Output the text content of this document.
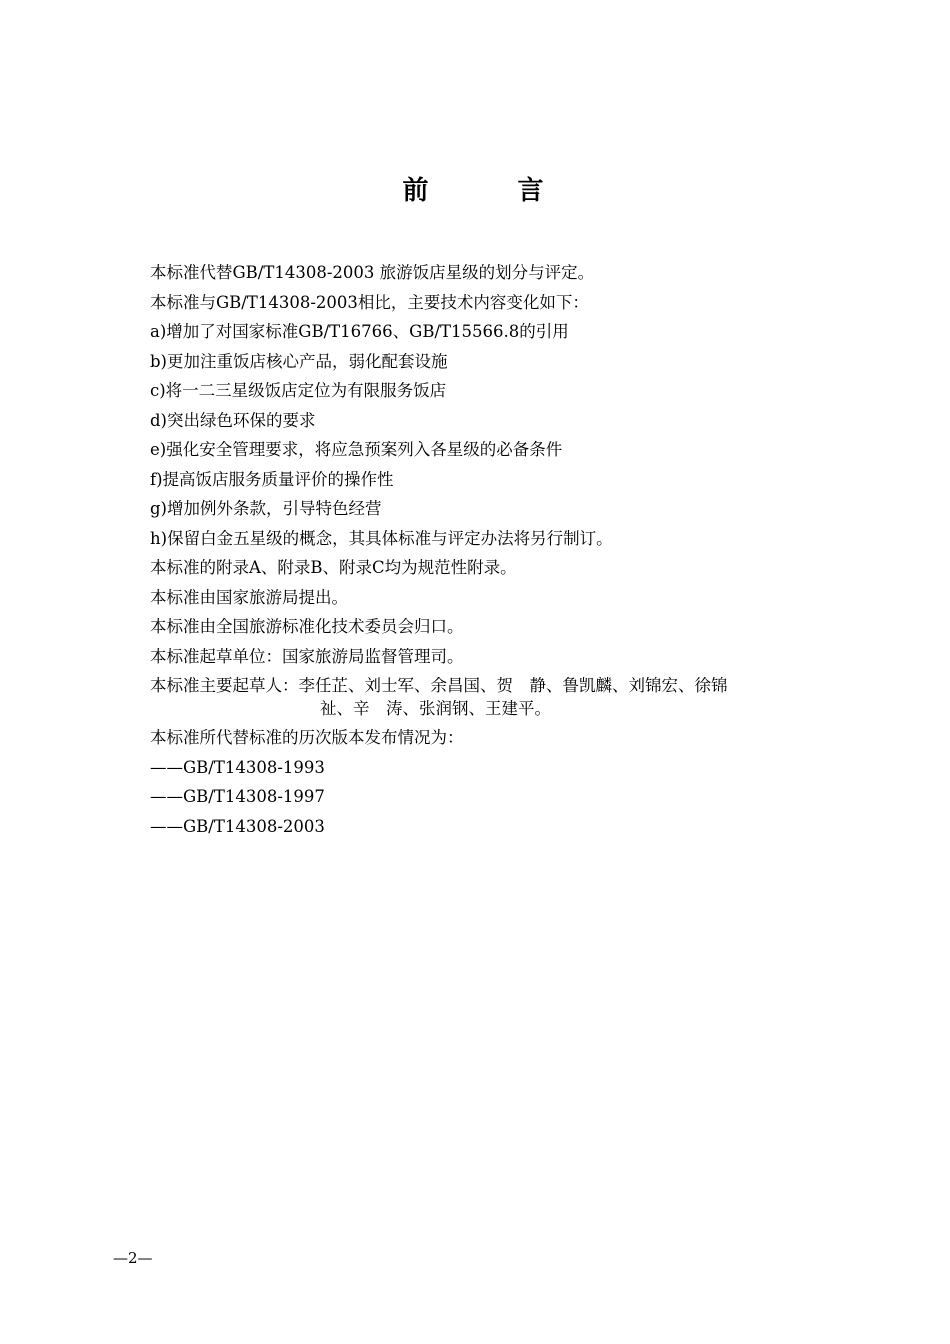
前 言
本标准代替GB/T14308-2003 旅游饭店星级的划分与评定。
本标准与GB/T14308-2003相比，主要技术内容变化如下：
a)增加了对国家标准GB/T16766、GB/T15566.8的引用
b)更加注重饭店核心产品，弱化配套设施
c)将一二三星级饭店定位为有限服务饭店
d)突出绿色环保的要求
e)强化安全管理要求，将应急预案列入各星级的必备条件
f)提高饭店服务质量评价的操作性
g)增加例外条款，引导特色经营
h)保留白金五星级的概念，其具体标准与评定办法将另行制订。
本标准的附录A、附录B、附录C均为规范性附录。
本标准由国家旅游局提出。
本标准由全国旅游标准化技术委员会归口。
本标准起草单位：国家旅游局监督管理司。
本标准主要起草人：李任芷、刘士军、余昌国、贺　静、鲁凯麟、刘锦宏、徐锦
祉、辛　涛、张润钢、王建平。
本标准所代替标准的历次版本发布情况为：
——GB/T14308-1993
——GB/T14308-1997
——GB/T14308-2003
—2—
